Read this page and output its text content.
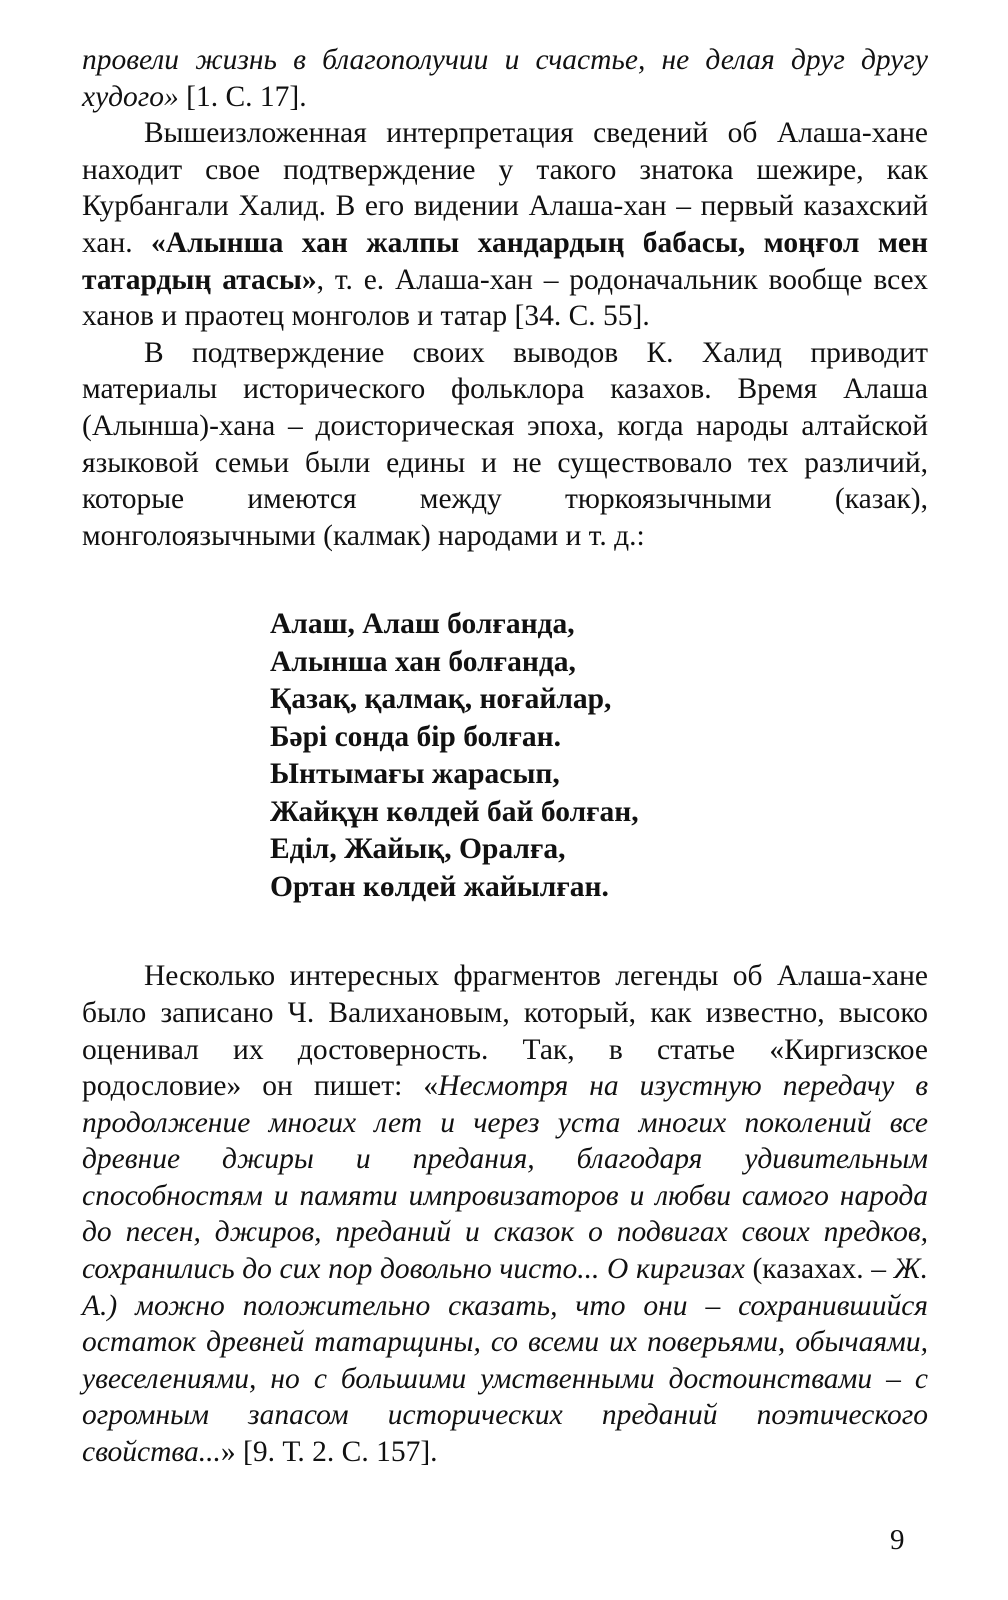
провели жизнь в благополучии и счастье, не делая друг другу худого» [1. С. 17].

Вышеизложенная интерпретация сведений об Алаша-хане находит свое подтверждение у такого знатока шежире, как Курбангали Халид. В его видении Алаша-хан – первый казахский хан. «Алынша хан жалпы хандардың бабасы, моңғол мен татардың атасы», т. е. Алаша-хан – родоначальник вообще всех ханов и праотец монголов и татар [34. С. 55].

В подтверждение своих выводов К. Халид приводит материалы исторического фольклора казахов. Время Алаша (Алынша)-хана – доисторическая эпоха, когда народы алтайской языковой семьи были едины и не существовало тех различий, которые имеются между тюркоязычными (казак), монголоязычными (калмак) народами и т. д.:

Алаш, Алаш болғанда,
Алынша хан болғанда,
Қазақ, қалмақ, ноғайлар,
Бәрі сонда бір болған.
Ынтымағы жарасып,
Жайқұн көлдей бай болған,
Еділ, Жайық, Оралға,
Ортан көлдей жайылған.

Несколько интересных фрагментов легенды об Алаша-хане было записано Ч. Валихановым, который, как известно, высоко оценивал их достоверность. Так, в статье «Киргизское родословие» он пишет: «Несмотря на изустную передачу в продолжение многих лет и через уста многих поколений все древние джиры и предания, благодаря удивительным способностям и памяти импровизаторов и любви самого народа до песен, джиров, преданий и сказок о подвигах своих предков, сохранились до сих пор довольно чисто... О киргизах (казахах. – Ж. А.) можно положительно сказать, что они – сохранившийся остаток древней татарщины, со всеми их поверьями, обычаями, увеселениями, но с большими умственными достоинствами – с огромным запасом исторических преданий поэтического свойства...» [9. Т. 2. С. 157].

9
